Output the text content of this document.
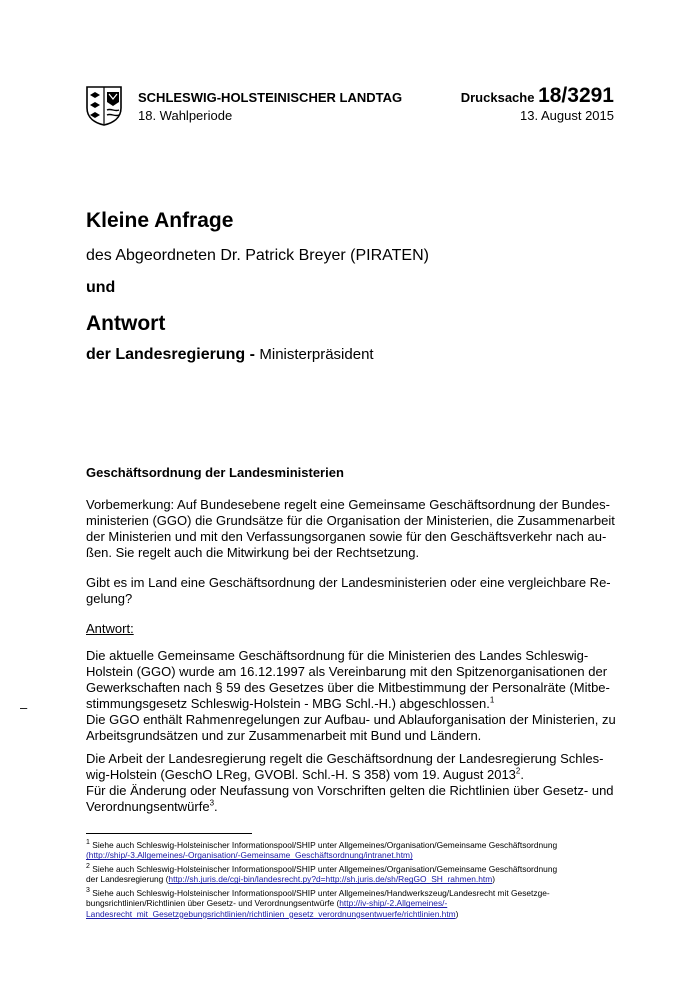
SCHLESWIG-HOLSTEINISCHER LANDTAG
18. Wahlperiode
Drucksache 18/3291
13. August 2015
Kleine Anfrage
des Abgeordneten Dr. Patrick Breyer (PIRATEN)
und
Antwort
der Landesregierung - Ministerpräsident
Geschäftsordnung der Landesministerien
Vorbemerkung: Auf Bundesebene regelt eine Gemeinsame Geschäftsordnung der Bundes-
ministerien (GGO) die Grundsätze für die Organisation der Ministerien, die Zusammenarbeit
der Ministerien und mit den Verfassungsorganen sowie für den Geschäftsverkehr nach au-
ßen. Sie regelt auch die Mitwirkung bei der Rechtsetzung.
Gibt es im Land eine Geschäftsordnung der Landesministerien oder eine vergleichbare Re-
gelung?
Antwort:
Die aktuelle Gemeinsame Geschäftsordnung für die Ministerien des Landes Schleswig-
Holstein (GGO) wurde am 16.12.1997 als Vereinbarung mit den Spitzenorganisationen der
Gewerkschaften nach § 59 des Gesetzes über die Mitbestimmung der Personalräte (Mitbe-
stimmungsgesetz Schleswig-Holstein - MBG Schl.-H.) abgeschlossen.$^1$
Die GGO enthält Rahmenregelungen zur Aufbau- und Ablauforganisation der Ministerien, zu
Arbeitsgrundsätzen und zur Zusammenarbeit mit Bund und Ländern.
–
Die Arbeit der Landesregierung regelt die Geschäftsordnung der Landesregierung Schles-
wig-Holstein (GeschO LReg, GVOBl. Schl.-H. S 358) vom 19. August 2013$^2$.
Für die Änderung oder Neufassung von Vorschriften gelten die Richtlinien über Gesetz- und
Verordnungsentwürfe$^3$.
$^1$ Siehe auch Schleswig-Holsteinischer Informationspool/SHIP unter Allgemeines/Organisation/Gemeinsame Geschäftsordnung
(http://ship/-3.Allgemeines/-Organisation/-Gemeinsame_Geschäftsordnung/intranet.htm)
$^2$ Siehe auch Schleswig-Holsteinischer Informationspool/SHIP unter Allgemeines/Organisation/Gemeinsame Geschäftsordnung
der Landesregierung (http://sh.juris.de/cgi-bin/landesrecht.py?d=http://sh.juris.de/sh/RegGO_SH_rahmen.htm)
$^3$ Siehe auch Schleswig-Holsteinischer Informationspool/SHIP unter Allgemeines/Handwerkszeug/Landesrecht mit Gesetzge-
bungsrichtlinien/Richtlinien über Gesetz- und Verordnungsentwürfe (http://iv-ship/-2.Allgemeines/-
Landesrecht_mit_Gesetzgebungsrichtlinien/richtlinien_gesetz_verordnungsentwuerfe/richtlinien.htm)
